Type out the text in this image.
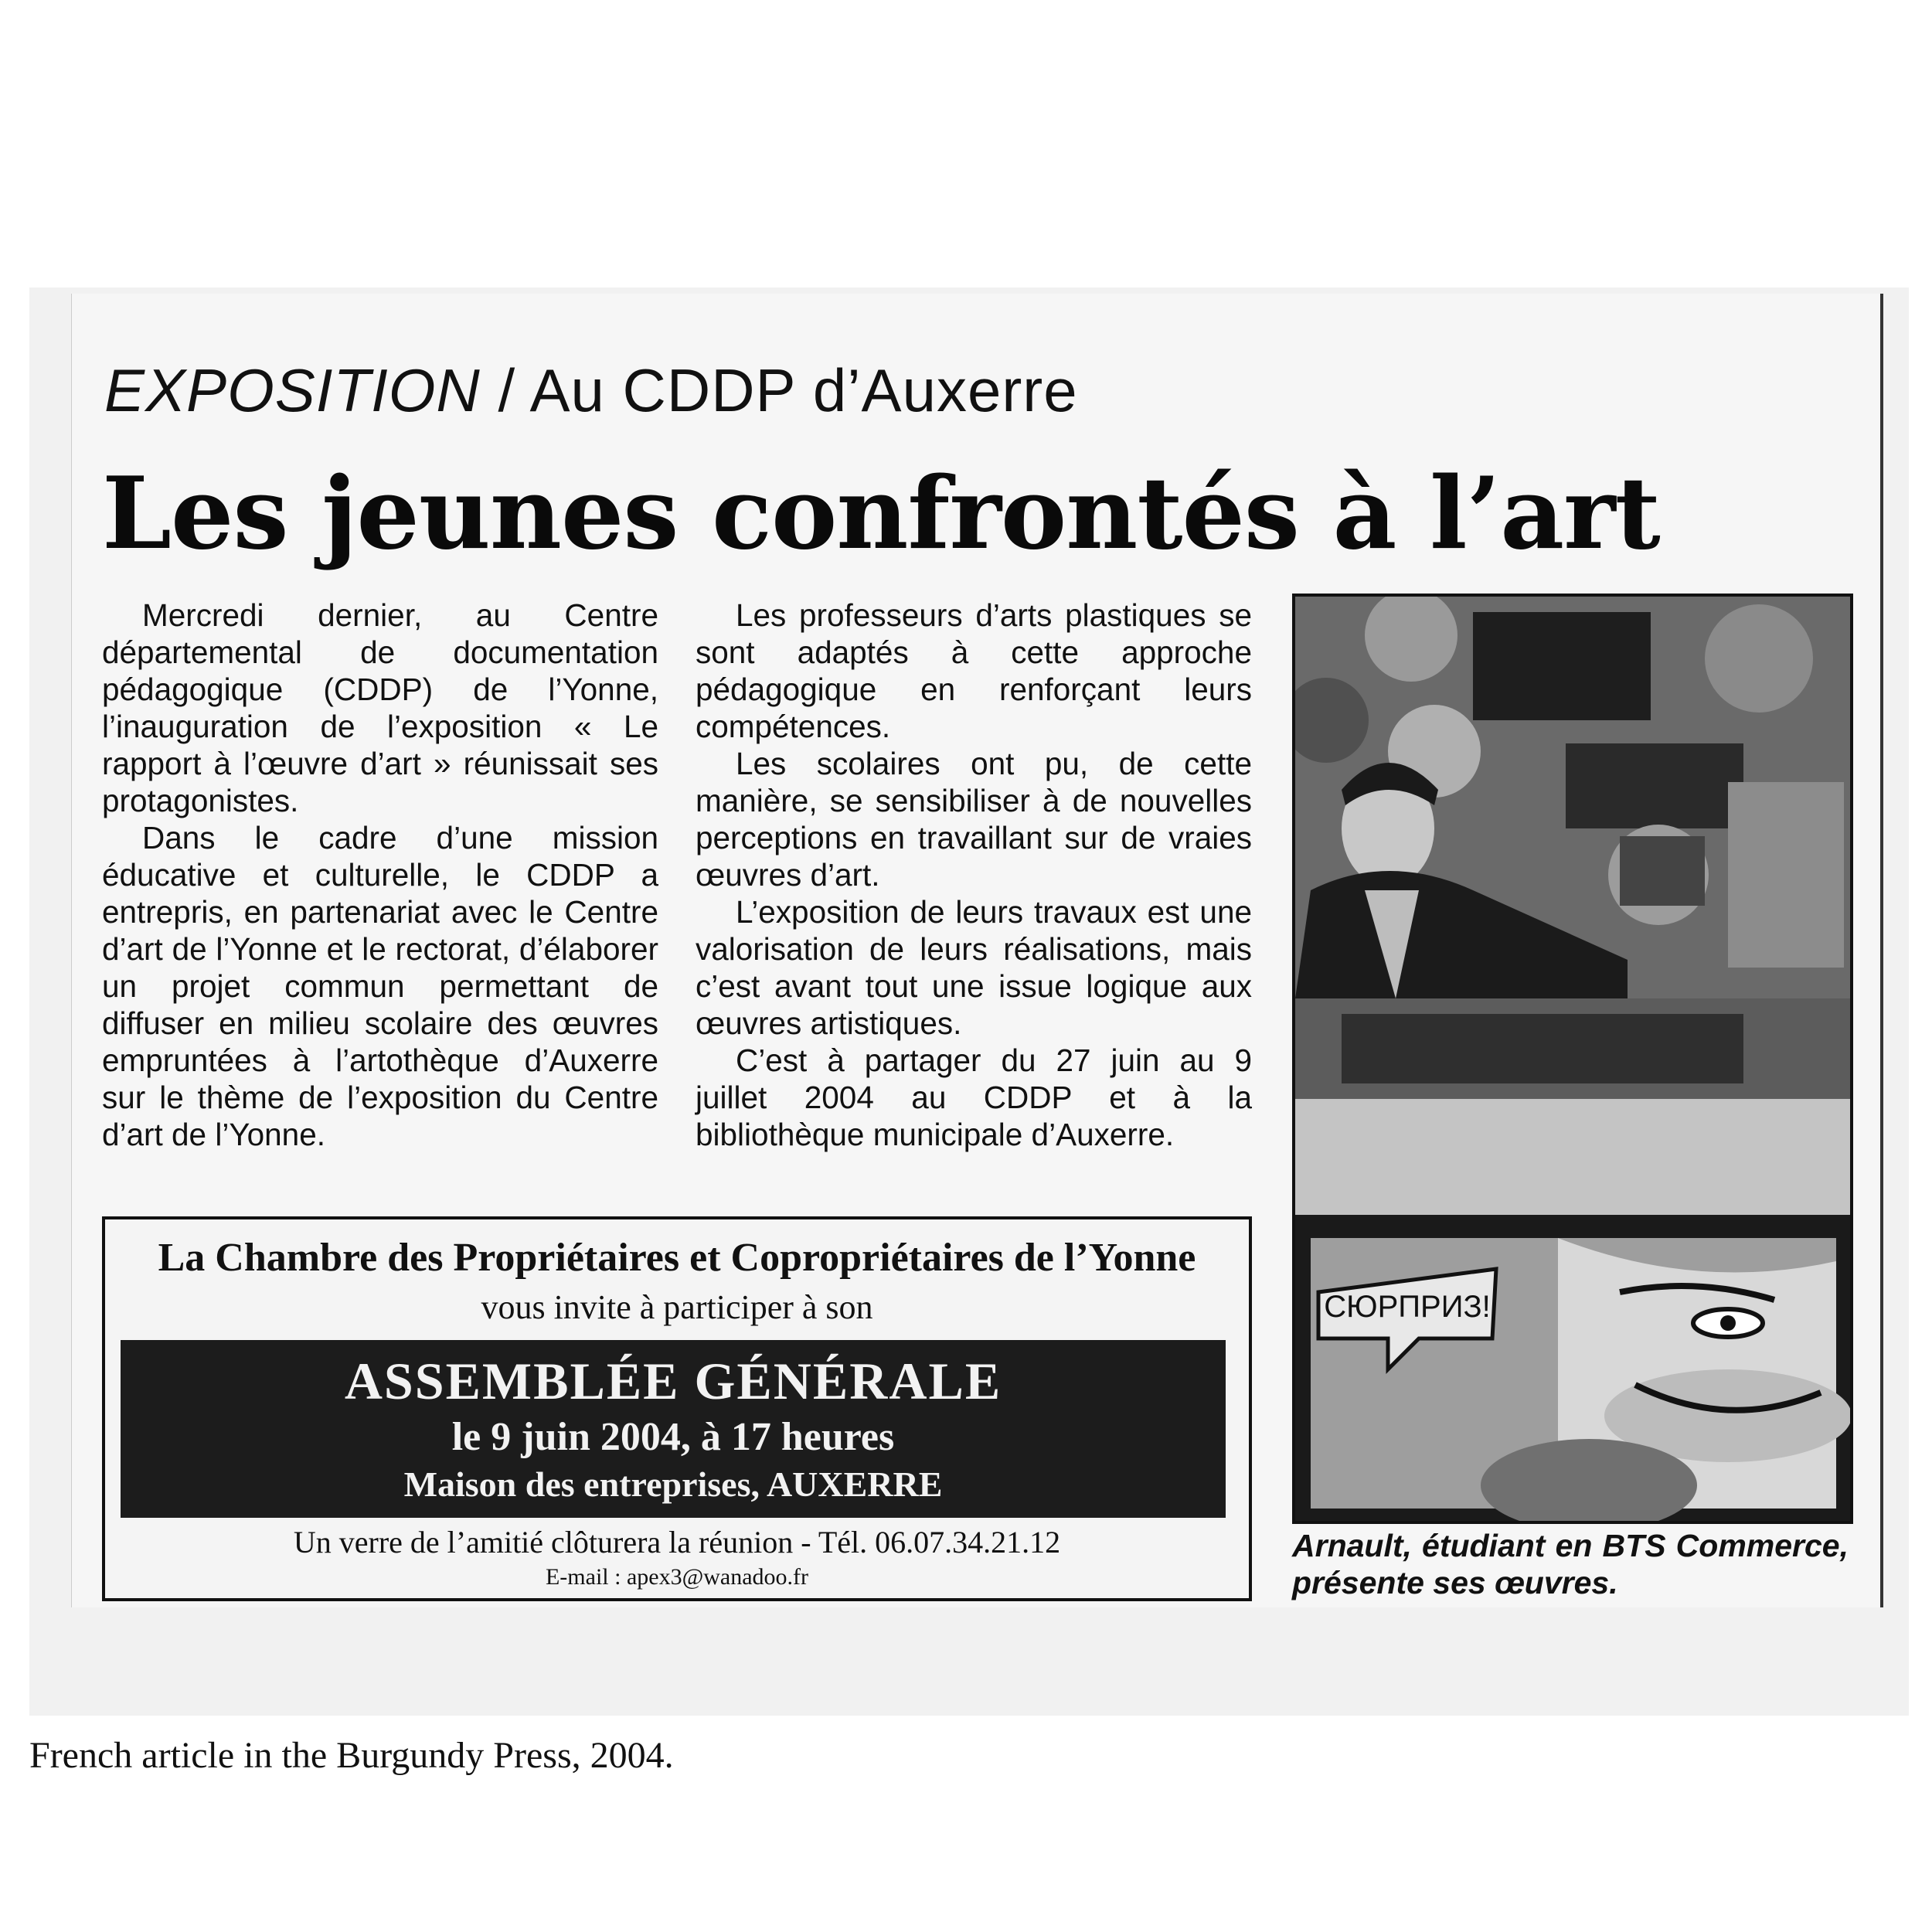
EXPOSITION / Au CDDP d’Auxerre
Les jeunes confrontés à l’art

Mercredi dernier, au Centre départemental de documentation pédagogique (CDDP) de l’Yonne, l’inauguration de l’exposition « Le rapport à l’œuvre d’art » réunissait ses protagonistes.

Dans le cadre d’une mission éducative et culturelle, le CDDP a entrepris, en partenariat avec le Centre d’art de l’Yonne et le rectorat, d’élaborer un projet commun permettant de diffuser en milieu scolaire des œuvres empruntées à l’artothèque d’Auxerre sur le thème de l’exposition du Centre d’art de l’Yonne.

Les professeurs d’arts plastiques se sont adaptés à cette approche pédagogique en renforçant leurs compétences.

Les scolaires ont pu, de cette manière, se sensibiliser à de nouvelles perceptions en travaillant sur de vraies œuvres d’art.

L’exposition de leurs travaux est une valorisation de leurs réalisations, mais c’est avant tout une issue logique aux œuvres artistiques.

C’est à partager du 27 juin au 9 juillet 2004 au CDDP et à la bibliothèque municipale d’Auxerre.

СЮРПРИЗ!
Arnault, étudiant en BTS Commerce, présente ses œuvres.
La Chambre des Propriétaires et Copropriétaires de l’Yonne
vous invite à participer à son
ASSEMBLÉE GÉNÉRALE
le 9 juin 2004, à 17 heures
Maison des entreprises, AUXERRE
Un verre de l’amitié clôturera la réunion - Tél. 06.07.34.21.12
E-mail : apex3@wanadoo.fr
French article in the Burgundy Press, 2004.
